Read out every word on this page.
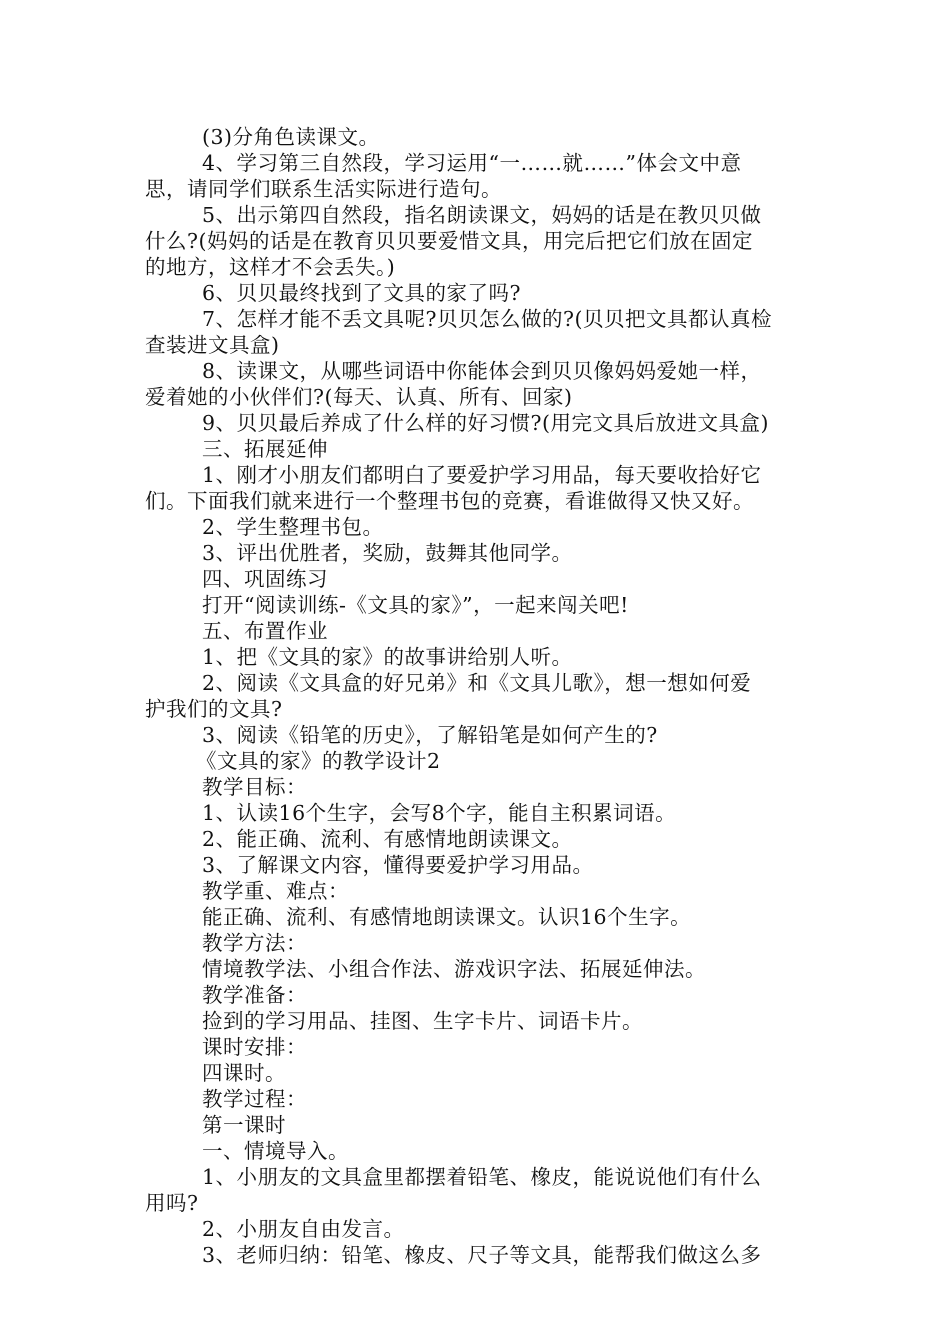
(3)分角色读课文。
4、学习第三自然段，学习运用“一……就……”体会文中意
思，请同学们联系生活实际进行造句。
5、出示第四自然段，指名朗读课文，妈妈的话是在教贝贝做
什么?(妈妈的话是在教育贝贝要爱惜文具，用完后把它们放在固定
的地方，这样才不会丢失。)
6、贝贝最终找到了文具的家了吗?
7、怎样才能不丢文具呢?贝贝怎么做的?(贝贝把文具都认真检
查装进文具盒)
8、读课文，从哪些词语中你能体会到贝贝像妈妈爱她一样，
爱着她的小伙伴们?(每天、认真、所有、回家)
9、贝贝最后养成了什么样的好习惯?(用完文具后放进文具盒)
三、拓展延伸
1、刚才小朋友们都明白了要爱护学习用品，每天要收拾好它
们。下面我们就来进行一个整理书包的竞赛，看谁做得又快又好。
2、学生整理书包。
3、评出优胜者，奖励，鼓舞其他同学。
四、巩固练习
打开“阅读训练-《文具的家》”，一起来闯关吧!
五、布置作业
1、把《文具的家》的故事讲给别人听。
2、阅读《文具盒的好兄弟》和《文具儿歌》，想一想如何爱
护我们的文具?
3、阅读《铅笔的历史》，了解铅笔是如何产生的?
《文具的家》的教学设计2
教学目标：
1、认读16个生字，会写8个字，能自主积累词语。
2、能正确、流利、有感情地朗读课文。
3、了解课文内容，懂得要爱护学习用品。
教学重、难点：
能正确、流利、有感情地朗读课文。认识16个生字。
教学方法：
情境教学法、小组合作法、游戏识字法、拓展延伸法。
教学准备：
捡到的学习用品、挂图、生字卡片、词语卡片。
课时安排：
四课时。
教学过程：
第一课时
一、情境导入。
1、小朋友的文具盒里都摆着铅笔、橡皮，能说说他们有什么
用吗?
2、小朋友自由发言。
3、老师归纳：铅笔、橡皮、尺子等文具，能帮我们做这么多
